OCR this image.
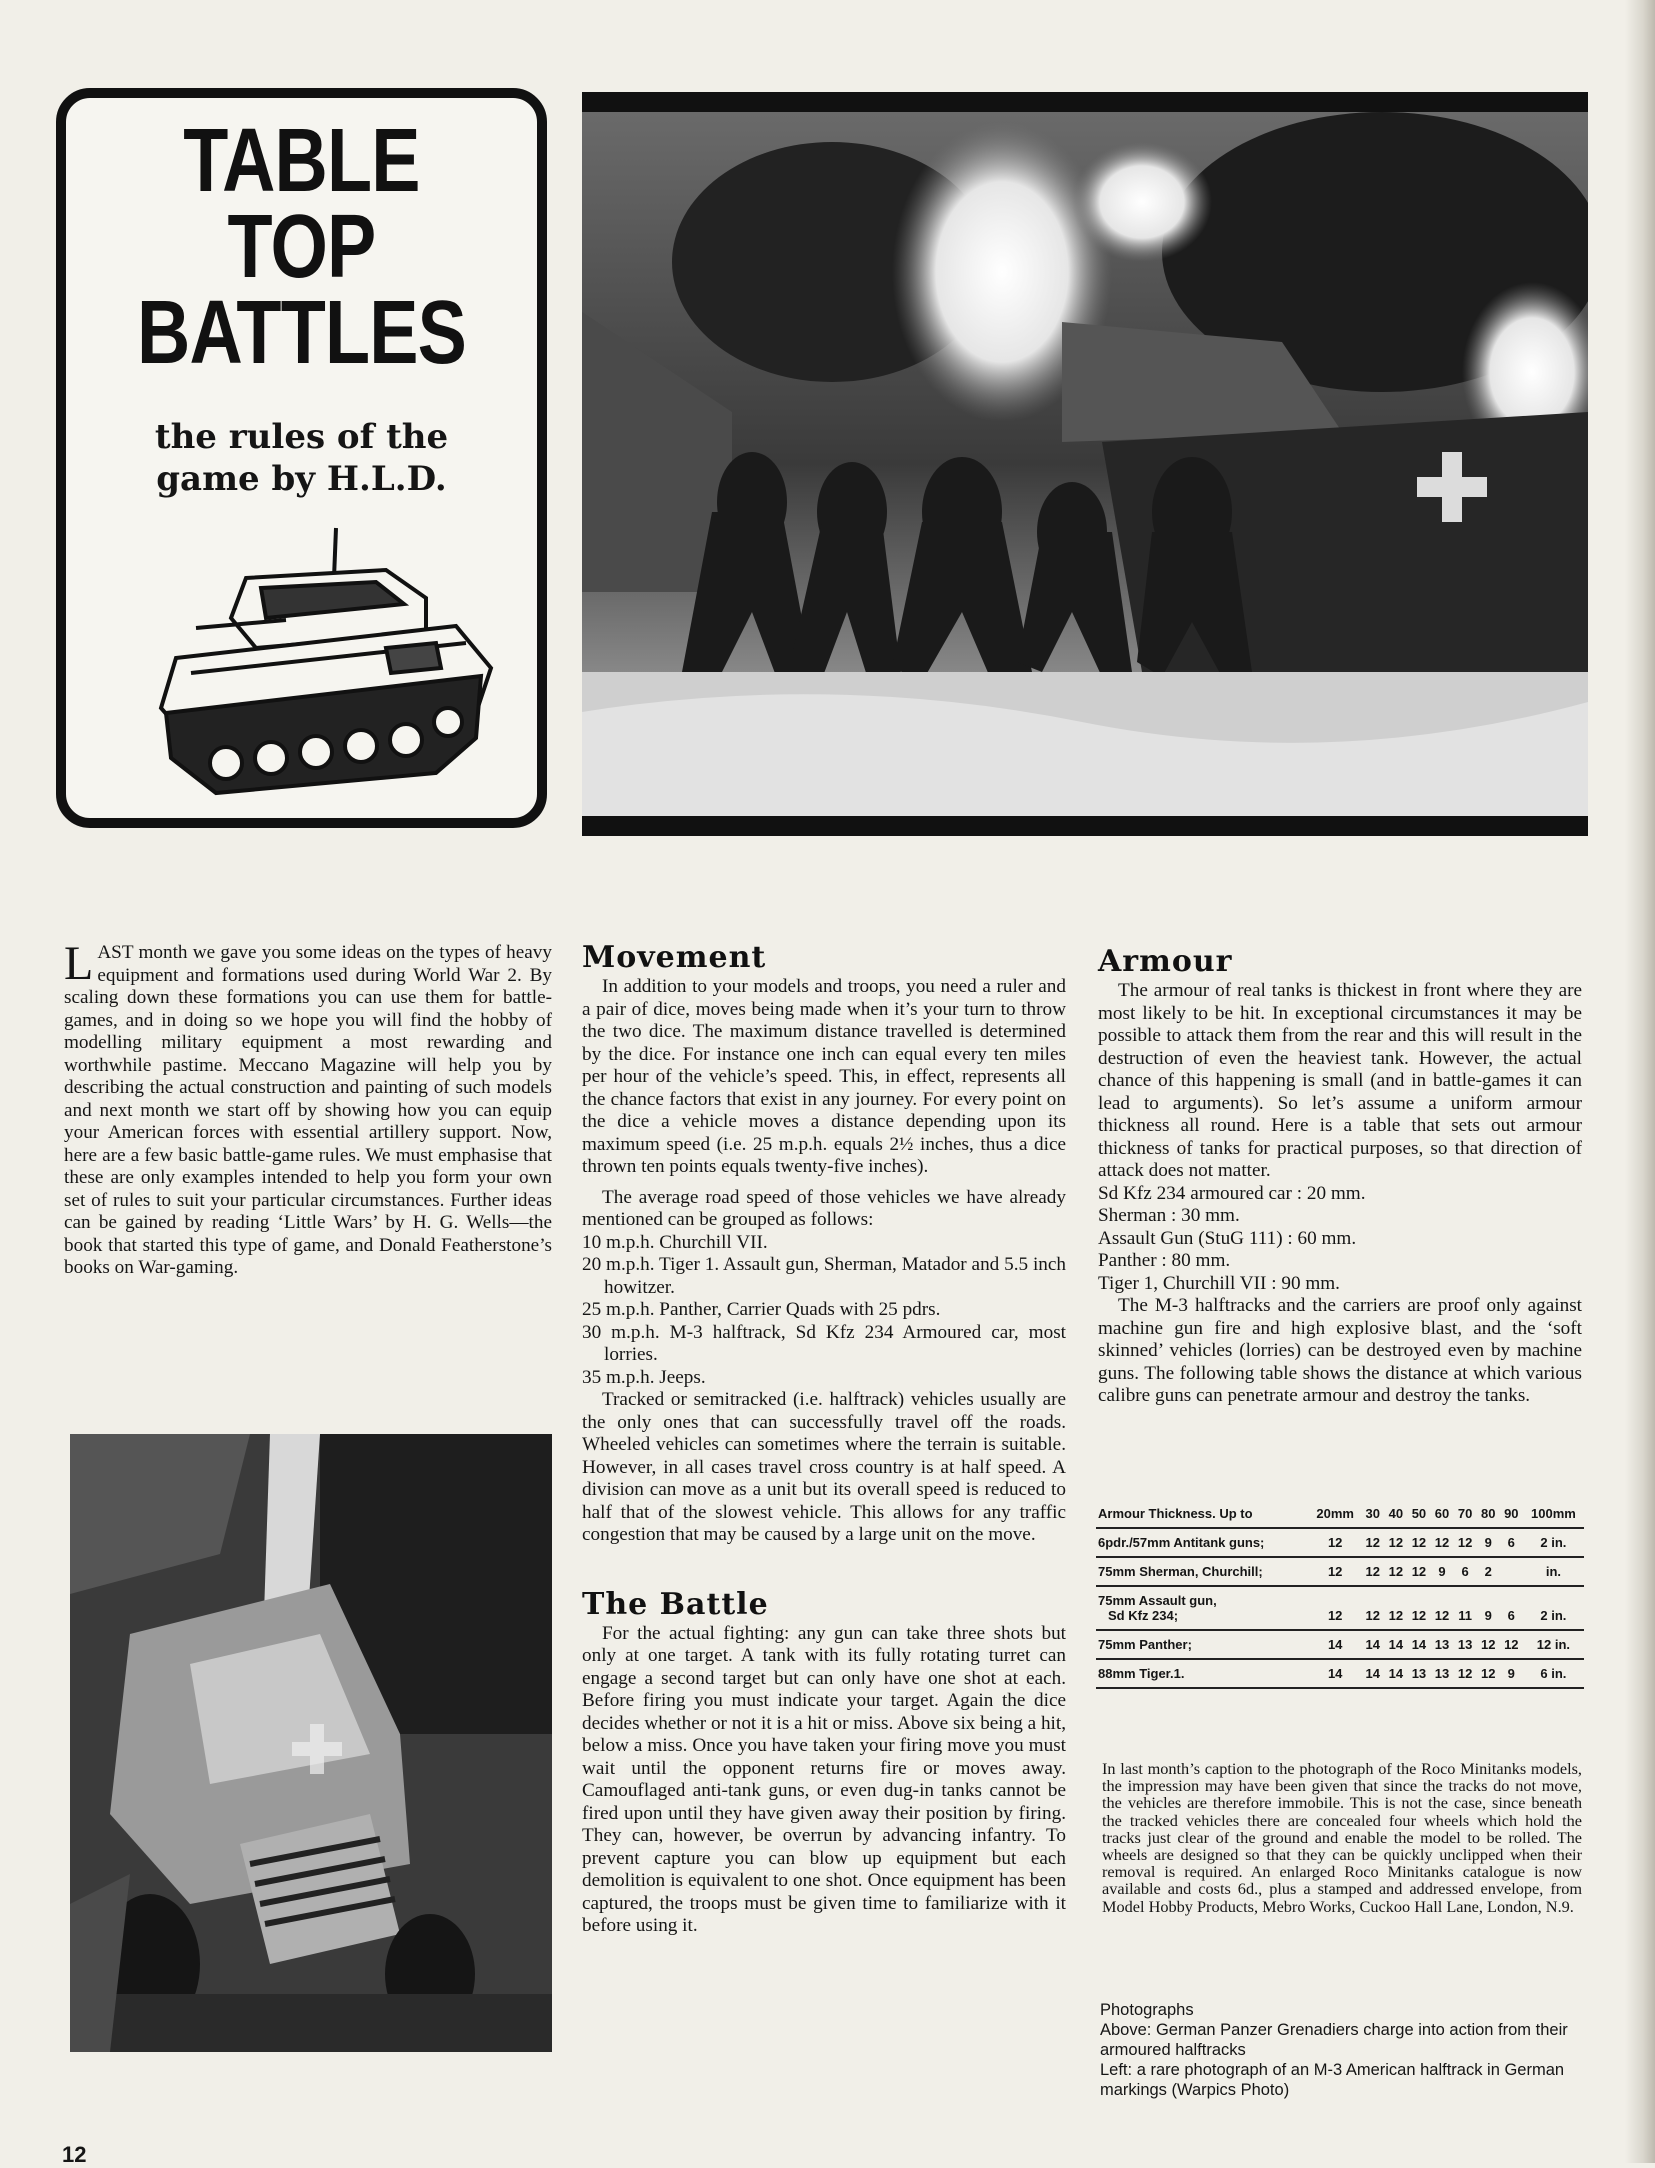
TABLE
TOP
BATTLES
the rules of the
game by H.L.D.

LAST month we gave you some ideas on the types of heavy equipment and formations used during World War 2. By scaling down these formations you can use them for battle-games, and in doing so we hope you will find the hobby of modelling military equipment a most rewarding and worthwhile pastime. Meccano Magazine will help you by describing the actual construction and painting of such models and next month we start off by showing how you can equip your American forces with essential artillery support. Now, here are a few basic battle-game rules. We must emphasise that these are only examples intended to help you form your own set of rules to suit your particular circumstances. Further ideas can be gained by reading ‘Little Wars’ by H. G. Wells—the book that started this type of game, and Donald Featherstone’s books on War-gaming.

Movement

In addition to your models and troops, you need a ruler and a pair of dice, moves being made when it’s your turn to throw the two dice. The maximum distance travelled is determined by the dice. For instance one inch can equal every ten miles per hour of the vehicle’s speed. This, in effect, represents all the chance factors that exist in any journey. For every point on the dice a vehicle moves a distance depending upon its maximum speed (i.e. 25 m.p.h. equals 2½ inches, thus a dice thrown ten points equals twenty-five inches).

The average road speed of those vehicles we have already mentioned can be grouped as follows:

10 m.p.h. Churchill VII.
20 m.p.h. Tiger 1. Assault gun, Sherman, Matador and 5.5 inch howitzer.
25 m.p.h. Panther, Carrier Quads with 25 pdrs.
30 m.p.h. M-3 halftrack, Sd Kfz 234 Armoured car, most lorries.
35 m.p.h. Jeeps.

Tracked or semitracked (i.e. halftrack) vehicles usually are the only ones that can successfully travel off the roads. Wheeled vehicles can sometimes where the terrain is suitable. However, in all cases travel cross country is at half speed. A division can move as a unit but its overall speed is reduced to half that of the slowest vehicle. This allows for any traffic congestion that may be caused by a large unit on the move.

The Battle

For the actual fighting: any gun can take three shots but only at one target. A tank with its fully rotating turret can engage a second target but can only have one shot at each. Before firing you must indicate your target. Again the dice decides whether or not it is a hit or miss. Above six being a hit, below a miss. Once you have taken your firing move you must wait until the opponent returns fire or moves away. Camouflaged anti-tank guns, or even dug-in tanks cannot be fired upon until they have given away their position by firing. They can, however, be overrun by advancing infantry. To prevent capture you can blow up equipment but each demolition is equivalent to one shot. Once equipment has been captured, the troops must be given time to familiarize with it before using it.

Armour

The armour of real tanks is thickest in front where they are most likely to be hit. In exceptional circumstances it may be possible to attack them from the rear and this will result in the destruction of even the heaviest tank. However, the actual chance of this happening is small (and in battle-games it can lead to arguments). So let’s assume a uniform armour thickness all round. Here is a table that sets out armour thickness of tanks for practical purposes, so that direction of attack does not matter.

Sd Kfz 234 armoured car : 20 mm.
Sherman : 30 mm.
Assault Gun (StuG 111) : 60 mm.
Panther : 80 mm.
Tiger 1, Churchill VII : 90 mm.

The M-3 halftracks and the carriers are proof only against machine gun fire and high explosive blast, and the ‘soft skinned’ vehicles (lorries) can be destroyed even by machine guns. The following table shows the distance at which various calibre guns can penetrate armour and destroy the tanks.

Armour Thickness. Up to	20mm	30	40	50	60	70	80	90	100mm
6pdr./57mm Antitank guns;	12	12	12	12	12	12	9	6	2 in.
75mm Sherman, Churchill;	12	12	12	12	9	6	2		in.

75mm Assault gun,
Sd Kfz 234;	12	12	12	12	12	11	9	6	2 in.
75mm Panther;	14	14	14	14	13	13	12	12	12 in.
88mm Tiger.1.	14	14	14	13	13	12	12	9	6 in.
In last month’s caption to the photograph of the Roco Minitanks models, the impression may have been given that since the tracks do not move, the vehicles are therefore immobile. This is not the case, since beneath the tracked vehicles there are concealed four wheels which hold the tracks just clear of the ground and enable the model to be rolled. The wheels are designed so that they can be quickly unclipped when their removal is required. An enlarged Roco Minitanks catalogue is now available and costs 6d., plus a stamped and addressed envelope, from Model Hobby Products, Mebro Works, Cuckoo Hall Lane, London, N.9.
Photographs
Above: German Panzer Grenadiers charge into action from their armoured halftracks
Left: a rare photograph of an M-3 American halftrack in German markings (Warpics Photo)
12
